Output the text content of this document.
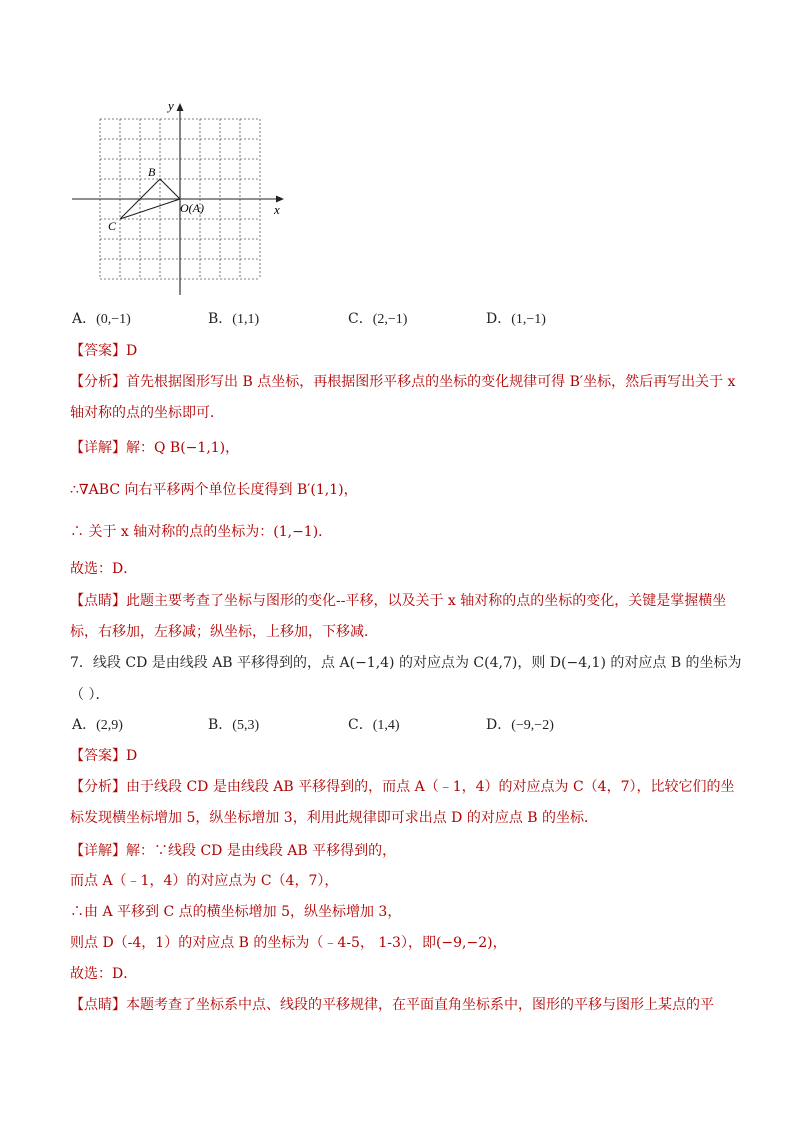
y
x
B
C
O(A)
A．(0,−1)	B．(1,1)	C．(2,−1)	D．(1,−1)
【答案】D
【分析】首先根据图形写出 B 点坐标，再根据图形平移点的坐标的变化规律可得 B′坐标，然后再写出关于 x
轴对称的点的坐标即可．
【详解】解：Q B(−1,1)，
∴∇ABC 向右平移两个单位长度得到 B′(1,1)，
∴ 关于 x 轴对称的点的坐标为：(1,−1)．
故选：D．
【点睛】此题主要考查了坐标与图形的变化--平移，以及关于 x 轴对称的点的坐标的变化，关键是掌握横坐
标，右移加，左移减；纵坐标，上移加，下移减．
7．线段 CD 是由线段 AB 平移得到的，点 A(−1,4) 的对应点为 C(4,7)，则 D(−4,1) 的对应点 B 的坐标为
（ ）．
A．(2,9)	B．(5,3)	C．(1,4)	D．(−9,−2)
【答案】D
【分析】由于线段 CD 是由线段 AB 平移得到的，而点 A（﹣1，4）的对应点为 C（4，7），比较它们的坐
标发现横坐标增加 5，纵坐标增加 3，利用此规律即可求出点 D 的对应点 B 的坐标．
【详解】解：∵线段 CD 是由线段 AB 平移得到的，
而点 A（﹣1，4）的对应点为 C（4，7），
∴由 A 平移到 C 点的横坐标增加 5，纵坐标增加 3，
则点 D（-4，1）的对应点 B 的坐标为（﹣4-5， 1-3），即(−9,−2)，
故选：D．
【点睛】本题考查了坐标系中点、线段的平移规律，在平面直角坐标系中，图形的平移与图形上某点的平
